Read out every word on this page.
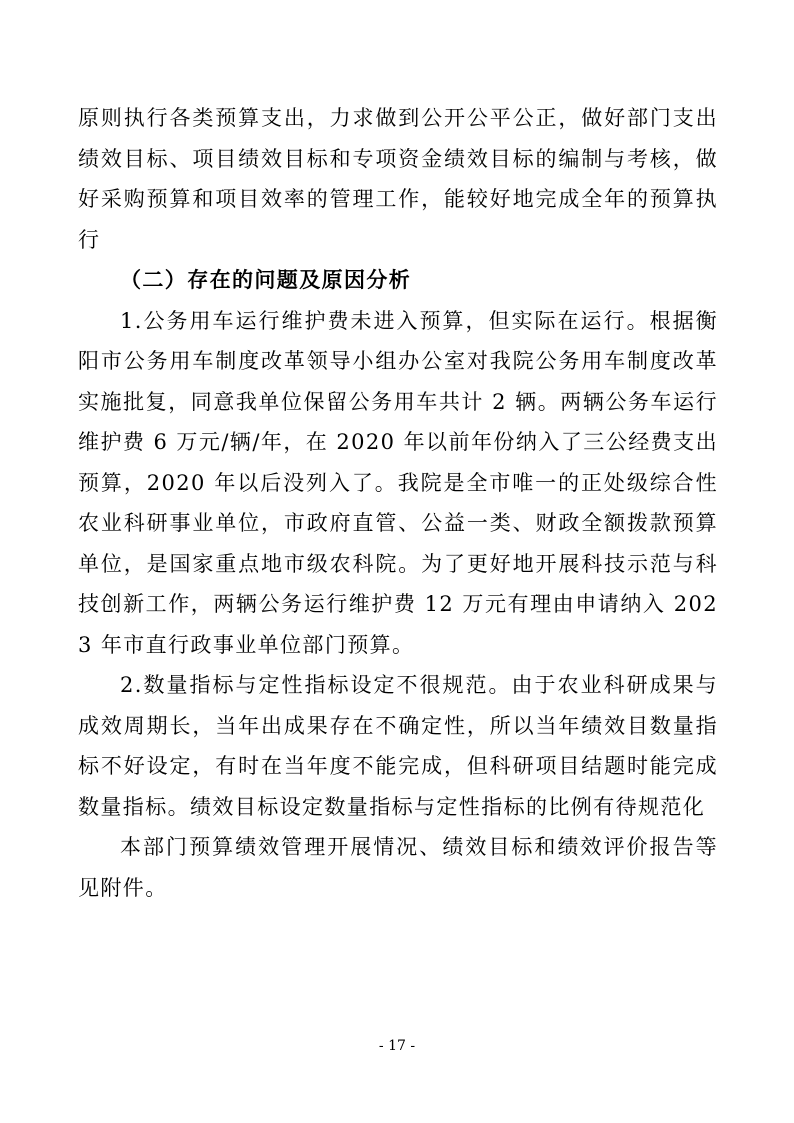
原则执行各类预算支出，力求做到公开公平公正，做好部门支出绩效目标、项目绩效目标和专项资金绩效目标的编制与考核，做好采购预算和项目效率的管理工作，能较好地完成全年的预算执行

（二）存在的问题及原因分析

1.公务用车运行维护费未进入预算，但实际在运行。根据衡阳市公务用车制度改革领导小组办公室对我院公务用车制度改革实施批复，同意我单位保留公务用车共计 2 辆。两辆公务车运行维护费 6 万元/辆/年，在 2020 年以前年份纳入了三公经费支出预算，2020 年以后没列入了。我院是全市唯一的正处级综合性农业科研事业单位，市政府直管、公益一类、财政全额拨款预算单位，是国家重点地市级农科院。为了更好地开展科技示范与科技创新工作，两辆公务运行维护费 12 万元有理由申请纳入 2023 年市直行政事业单位部门预算。

2.数量指标与定性指标设定不很规范。由于农业科研成果与成效周期长，当年出成果存在不确定性，所以当年绩效目数量指标不好设定，有时在当年度不能完成，但科研项目结题时能完成数量指标。绩效目标设定数量指标与定性指标的比例有待规范化

本部门预算绩效管理开展情况、绩效目标和绩效评价报告等见附件。

- 17 -
